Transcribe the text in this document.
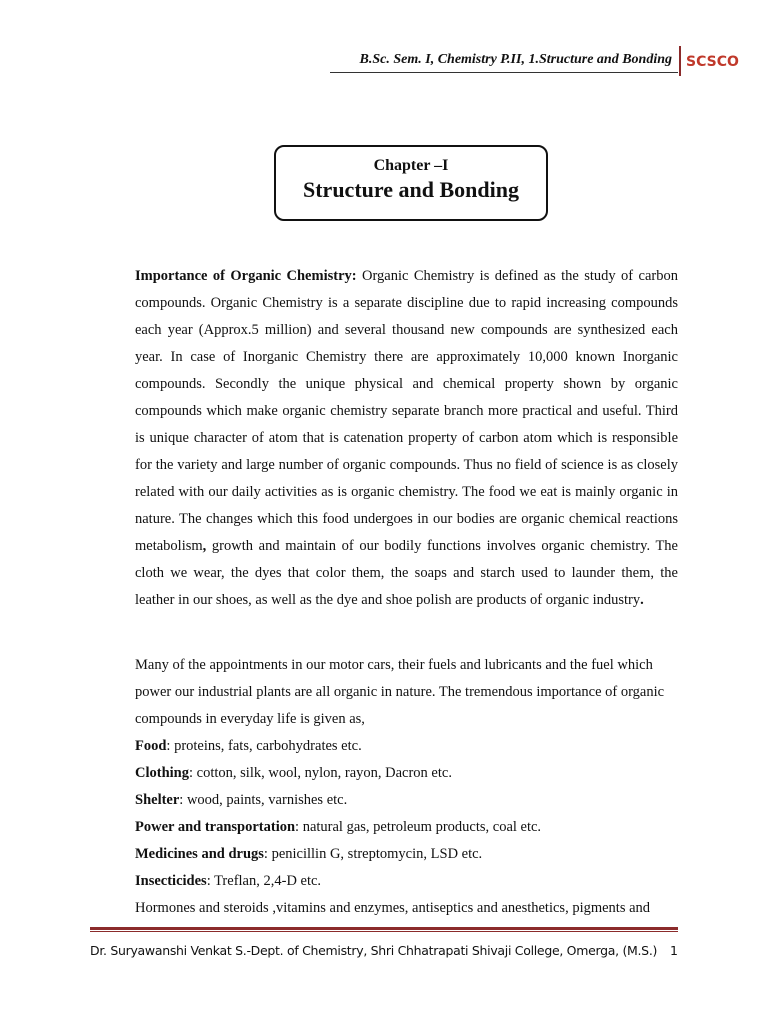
B.Sc. Sem. I, Chemistry P.II, 1.Structure and Bonding SCSCO
Chapter –I
Structure and Bonding
Importance of Organic Chemistry: Organic Chemistry is defined as the study of carbon compounds. Organic Chemistry is a separate discipline due to rapid increasing compounds each year (Approx.5 million) and several thousand new compounds are synthesized each year. In case of Inorganic Chemistry there are approximately 10,000 known Inorganic compounds. Secondly the unique physical and chemical property shown by organic compounds which make organic chemistry separate branch more practical and useful. Third is unique character of atom that is catenation property of carbon atom which is responsible for the variety and large number of organic compounds. Thus no field of science is as closely related with our daily activities as is organic chemistry. The food we eat is mainly organic in nature. The changes which this food undergoes in our bodies are organic chemical reactions metabolism, growth and maintain of our bodily functions involves organic chemistry. The cloth we wear, the dyes that color them, the soaps and starch used to launder them, the leather in our shoes, as well as the dye and shoe polish are products of organic industry.

Many of the appointments in our motor cars, their fuels and lubricants and the fuel which power our industrial plants are all organic in nature. The tremendous importance of organic compounds in everyday life is given as,

Food: proteins, fats, carbohydrates etc.

Clothing: cotton, silk, wool, nylon, rayon, Dacron etc.

Shelter: wood, paints, varnishes etc.

Power and transportation: natural gas, petroleum products, coal etc.

Medicines and drugs: penicillin G, streptomycin, LSD etc.

Insecticides: Treflan, 2,4-D etc.

Hormones and steroids ,vitamins and enzymes, antiseptics and anesthetics, pigments and

Dr. Suryawanshi Venkat S.-Dept. of Chemistry, Shri Chhatrapati Shivaji College, Omerga, (M.S.) 1
